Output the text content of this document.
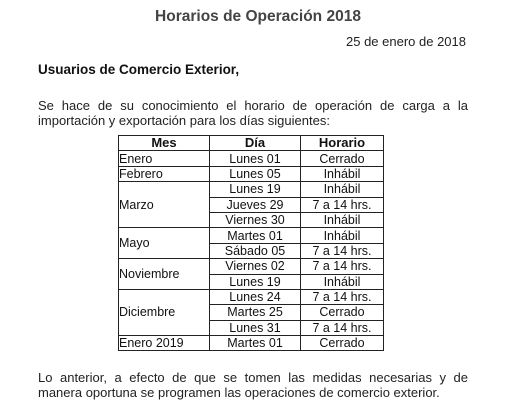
Horarios de Operación 2018
25 de enero de 2018
Usuarios de Comercio Exterior,
Se hace de su conocimiento el horario de operación de carga a la importación y exportación para los días siguientes:
Mes	Día	Horario
Enero	Lunes 01	Cerrado
Febrero	Lunes 05	Inhábil
Marzo	Lunes 19	Inhábil
	Jueves 29	7 a 14 hrs.
	Viernes 30	Inhábil
Mayo	Martes 01	Inhábil
	Sábado 05	7 a 14 hrs.
Noviembre	Viernes 02	7 a 14 hrs.
	Lunes 19	Inhábil
Diciembre	Lunes 24	7 a 14 hrs.
	Martes 25	Cerrado
	Lunes 31	7 a 14 hrs.
Enero 2019	Martes 01	Cerrado
Lo anterior, a efecto de que se tomen las medidas necesarias y de manera oportuna se programen las operaciones de comercio exterior.
